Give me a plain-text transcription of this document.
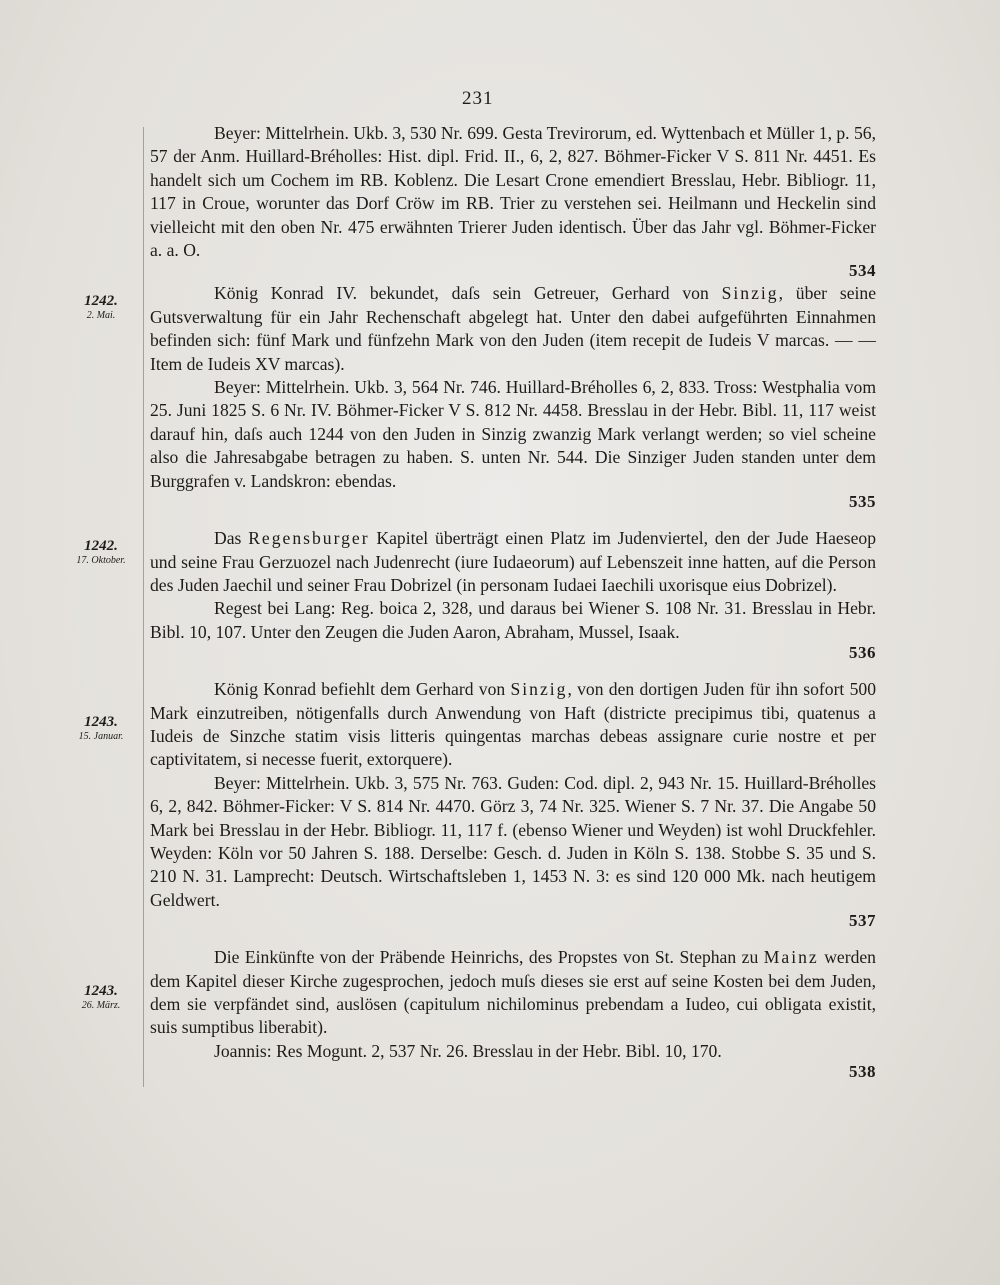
231
1242.
2. Mai.
1242.
17. Oktober.
1243.
15. Januar.
1243.
26. März.

Beyer: Mittelrhein. Ukb. 3, 530 Nr. 699. Gesta Trevirorum, ed. Wyttenbach et Müller 1, p. 56, 57 der Anm. Huillard-Bréholles: Hist. dipl. Frid. II., 6, 2, 827. Böhmer-Ficker V S. 811 Nr. 4451. Es handelt sich um Cochem im RB. Koblenz. Die Lesart Crone emendiert Bresslau, Hebr. Bibliogr. 11, 117 in Croue, worunter das Dorf Cröw im RB. Trier zu verstehen sei. Heilmann und Heckelin sind vielleicht mit den oben Nr. 475 erwähnten Trierer Juden identisch. Über das Jahr vgl. Böhmer-Ficker a. a. O.

534

König Konrad IV. bekundet, daſs sein Getreuer, Gerhard von Sinzig, über seine Gutsverwaltung für ein Jahr Rechenschaft abgelegt hat. Unter den dabei aufgeführten Einnahmen befinden sich: fünf Mark und fünfzehn Mark von den Juden (item recepit de Iudeis V marcas. — — Item de Iudeis XV marcas).

Beyer: Mittelrhein. Ukb. 3, 564 Nr. 746. Huillard-Bréholles 6, 2, 833. Tross: Westphalia vom 25. Juni 1825 S. 6 Nr. IV. Böhmer-Ficker V S. 812 Nr. 4458. Bresslau in der Hebr. Bibl. 11, 117 weist darauf hin, daſs auch 1244 von den Juden in Sinzig zwanzig Mark verlangt werden; so viel scheine also die Jahresabgabe betragen zu haben. S. unten Nr. 544. Die Sinziger Juden standen unter dem Burggrafen v. Landskron: ebendas.

535

Das Regensburger Kapitel überträgt einen Platz im Judenviertel, den der Jude Haeseop und seine Frau Gerzuozel nach Judenrecht (iure Iudaeorum) auf Lebenszeit inne hatten, auf die Person des Juden Jaechil und seiner Frau Dobrizel (in personam Iudaei Iaechili uxorisque eius Dobrizel).

Regest bei Lang: Reg. boica 2, 328, und daraus bei Wiener S. 108 Nr. 31. Bresslau in Hebr. Bibl. 10, 107. Unter den Zeugen die Juden Aaron, Abraham, Mussel, Isaak.

536

König Konrad befiehlt dem Gerhard von Sinzig, von den dortigen Juden für ihn sofort 500 Mark einzutreiben, nötigenfalls durch Anwendung von Haft (districte precipimus tibi, quatenus a Iudeis de Sinzche statim visis litteris quingentas marchas debeas assignare curie nostre et per captivitatem, si necesse fuerit, extorquere).

Beyer: Mittelrhein. Ukb. 3, 575 Nr. 763. Guden: Cod. dipl. 2, 943 Nr. 15. Huillard-Bréholles 6, 2, 842. Böhmer-Ficker: V S. 814 Nr. 4470. Görz 3, 74 Nr. 325. Wiener S. 7 Nr. 37. Die Angabe 50 Mark bei Bresslau in der Hebr. Bibliogr. 11, 117 f. (ebenso Wiener und Weyden) ist wohl Druckfehler. Weyden: Köln vor 50 Jahren S. 188. Derselbe: Gesch. d. Juden in Köln S. 138. Stobbe S. 35 und S. 210 N. 31. Lamprecht: Deutsch. Wirtschaftsleben 1, 1453 N. 3: es sind 120 000 Mk. nach heutigem Geldwert.

537

Die Einkünfte von der Präbende Heinrichs, des Propstes von St. Stephan zu Mainz werden dem Kapitel dieser Kirche zugesprochen, jedoch muſs dieses sie erst auf seine Kosten bei dem Juden, dem sie verpfändet sind, auslösen (capitulum nichilominus prebendam a Iudeo, cui obligata existit, suis sumptibus liberabit).

Joannis: Res Mogunt. 2, 537 Nr. 26. Bresslau in der Hebr. Bibl. 10, 170.

538
